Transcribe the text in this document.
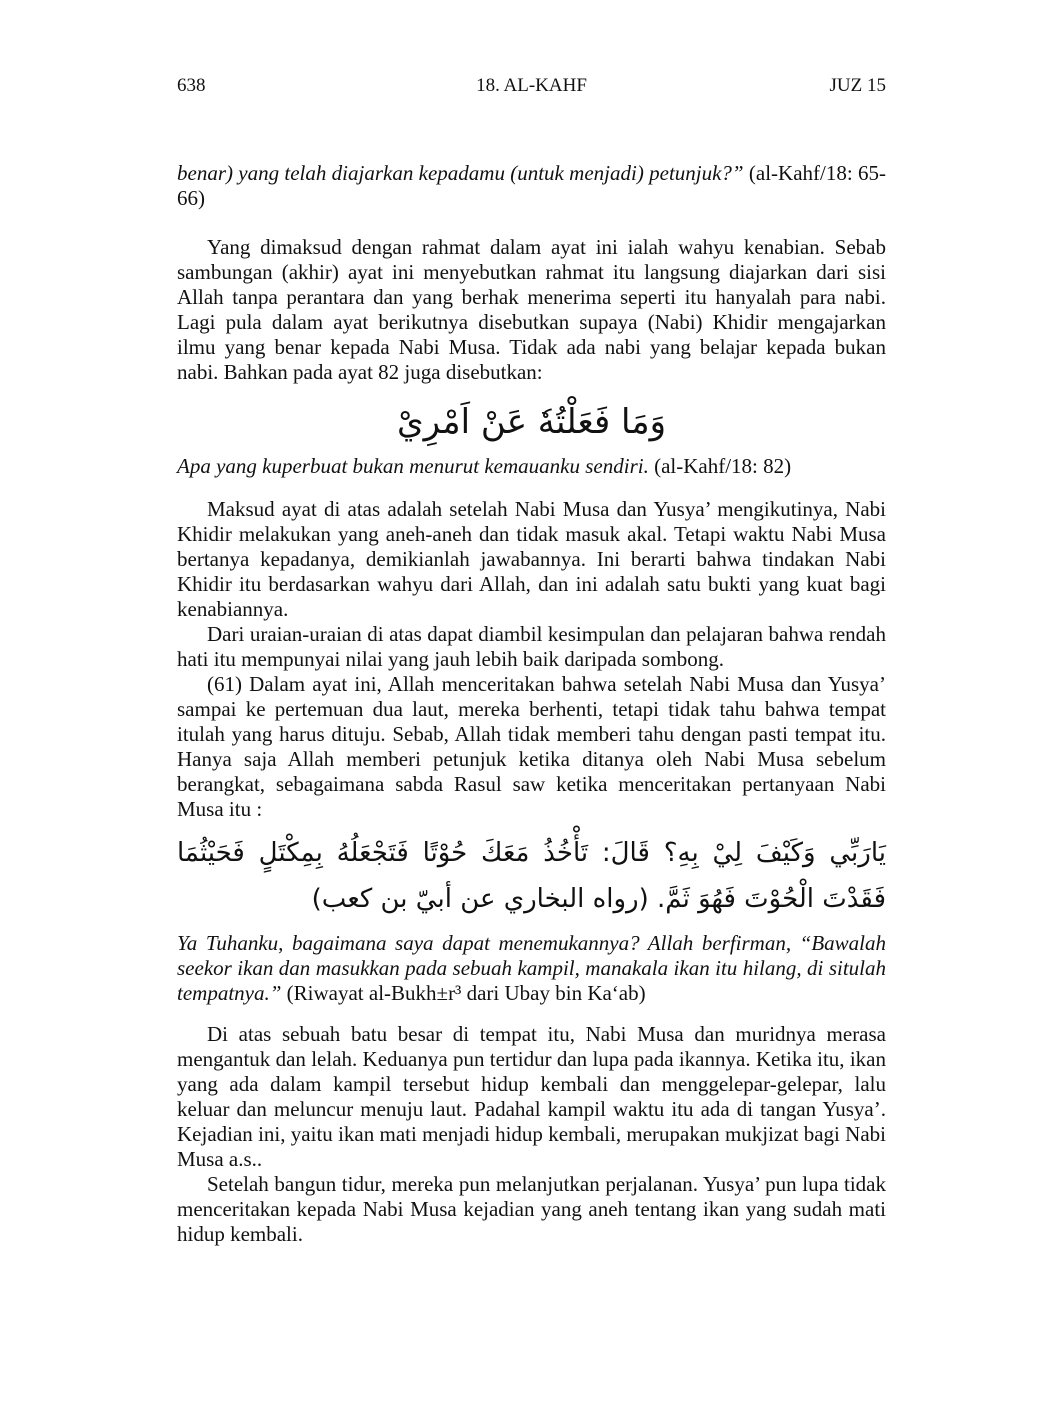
638	18. AL-KAHF	JUZ 15

benar) yang telah diajarkan kepadamu (untuk menjadi) petunjuk?” (al-Kahf/18: 65-66)

Yang dimaksud dengan rahmat dalam ayat ini ialah wahyu kenabian. Sebab sambungan (akhir) ayat ini menyebutkan rahmat itu langsung diajarkan dari sisi Allah tanpa perantara dan yang berhak menerima seperti itu hanyalah para nabi. Lagi pula dalam ayat berikutnya disebutkan supaya (Nabi) Khidir mengajarkan ilmu yang benar kepada Nabi Musa. Tidak ada nabi yang belajar kepada bukan nabi. Bahkan pada ayat 82 juga disebutkan:

وَمَا فَعَلْتُهٗ عَنْ اَمْرِيْ

Apa yang kuperbuat bukan menurut kemauanku sendiri. (al-Kahf/18: 82)

Maksud ayat di atas adalah setelah Nabi Musa dan Yusya’ mengikutinya, Nabi Khidir melakukan yang aneh-aneh dan tidak masuk akal. Tetapi waktu Nabi Musa bertanya kepadanya, demikianlah jawabannya. Ini berarti bahwa tindakan Nabi Khidir itu berdasarkan wahyu dari Allah, dan ini adalah satu bukti yang kuat bagi kenabiannya.

Dari uraian-uraian di atas dapat diambil kesimpulan dan pelajaran bahwa rendah hati itu mempunyai nilai yang jauh lebih baik daripada sombong.

(61) Dalam ayat ini, Allah menceritakan bahwa setelah Nabi Musa dan Yusya’ sampai ke pertemuan dua laut, mereka berhenti, tetapi tidak tahu bahwa tempat itulah yang harus dituju. Sebab, Allah tidak memberi tahu dengan pasti tempat itu. Hanya saja Allah memberi petunjuk ketika ditanya oleh Nabi Musa sebelum berangkat, sebagaimana sabda Rasul saw ketika menceritakan pertanyaan Nabi Musa itu :

يَارَبِّي وَكَيْفَ لِيْ بِهِ؟ قَالَ: تَأْخُذُ مَعَكَ حُوْتًا فَتَجْعَلُهُ بِمِكْتَلٍ فَحَيْثُمَا فَقَدْتَ الْحُوْتَ فَهُوَ ثَمَّ. (رواه البخاري عن أبيّ بن كعب)

Ya Tuhanku, bagaimana saya dapat menemukannya? Allah berfirman, “Bawalah seekor ikan dan masukkan pada sebuah kampil, manakala ikan itu hilang, di situlah tempatnya.” (Riwayat al-Bukh±r³ dari Ubay bin Ka‘ab)

Di atas sebuah batu besar di tempat itu, Nabi Musa dan muridnya merasa mengantuk dan lelah. Keduanya pun tertidur dan lupa pada ikannya. Ketika itu, ikan yang ada dalam kampil tersebut hidup kembali dan menggelepar-gelepar, lalu keluar dan meluncur menuju laut. Padahal kampil waktu itu ada di tangan Yusya’. Kejadian ini, yaitu ikan mati menjadi hidup kembali, merupakan mukjizat bagi Nabi Musa a.s..

Setelah bangun tidur, mereka pun melanjutkan perjalanan. Yusya’ pun lupa tidak menceritakan kepada Nabi Musa kejadian yang aneh tentang ikan yang sudah mati hidup kembali.
